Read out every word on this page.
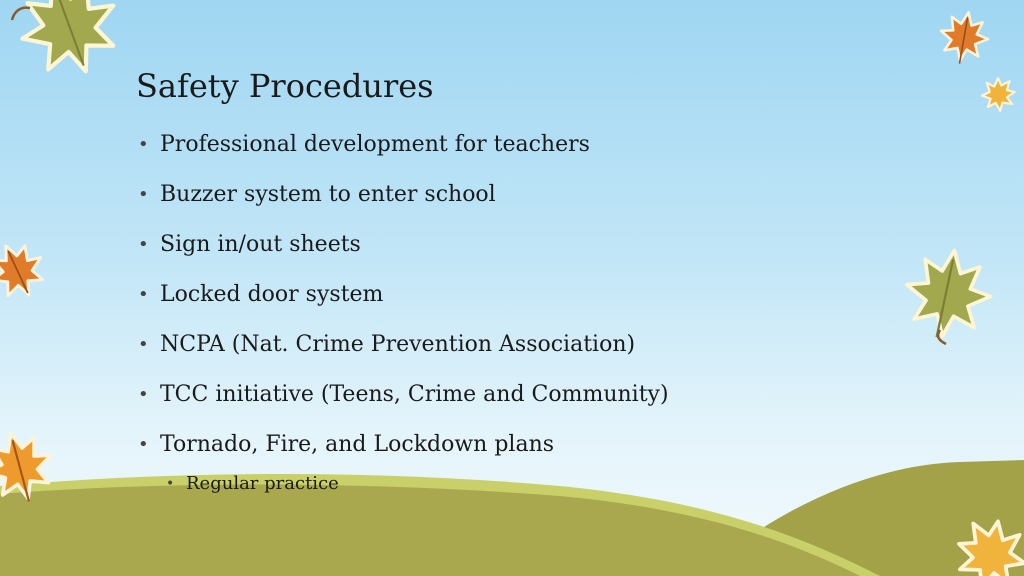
Safety Procedures
• Professional development for teachers
• Buzzer system to enter school
• Sign in/out sheets
• Locked door system
• NCPA (Nat. Crime Prevention Association)
• TCC initiative (Teens, Crime and Community)
• Tornado, Fire, and Lockdown plans
• Regular practice
